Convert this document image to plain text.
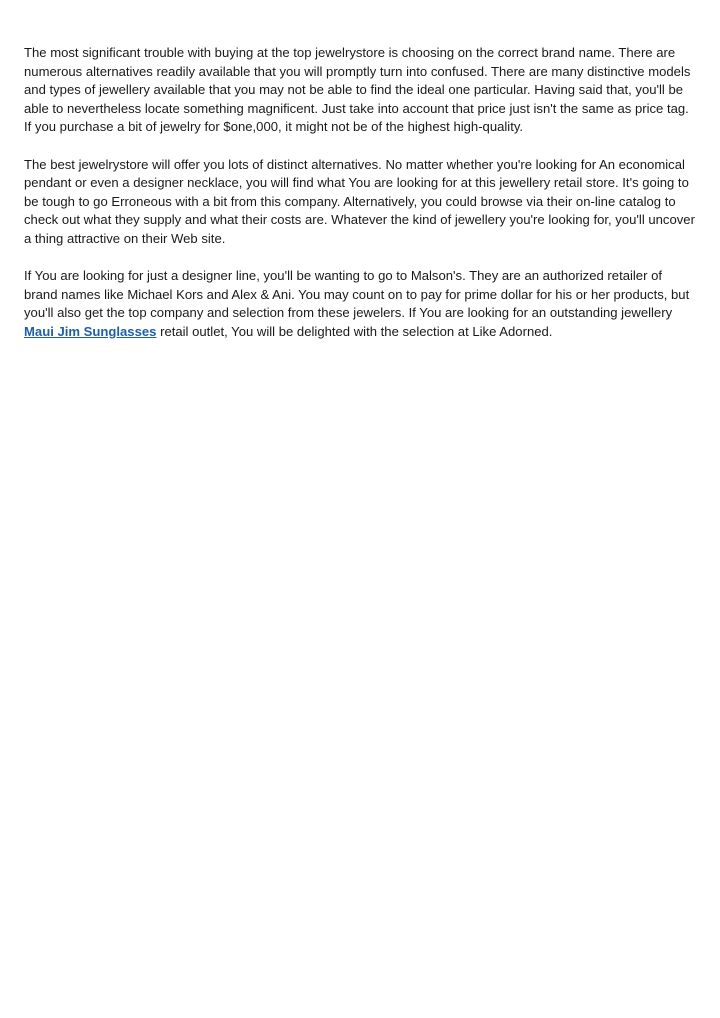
The most significant trouble with buying at the top jewelrystore is choosing on the correct brand name. There are numerous alternatives readily available that you will promptly turn into confused. There are many distinctive models and types of jewellery available that you may not be able to find the ideal one particular. Having said that, you'll be able to nevertheless locate something magnificent. Just take into account that price just isn't the same as price tag. If you purchase a bit of jewelry for $one,000, it might not be of the highest high-quality.

The best jewelrystore will offer you lots of distinct alternatives. No matter whether you're looking for An economical pendant or even a designer necklace, you will find what You are looking for at this jewellery retail store. It's going to be tough to go Erroneous with a bit from this company. Alternatively, you could browse via their on-line catalog to check out what they supply and what their costs are. Whatever the kind of jewellery you're looking for, you'll uncover a thing attractive on their Web site.

If You are looking for just a designer line, you'll be wanting to go to Malson's. They are an authorized retailer of brand names like Michael Kors and Alex & Ani. You may count on to pay for prime dollar for his or her products, but you'll also get the top company and selection from these jewelers. If You are looking for an outstanding jewellery Maui Jim Sunglasses retail outlet, You will be delighted with the selection at Like Adorned.
